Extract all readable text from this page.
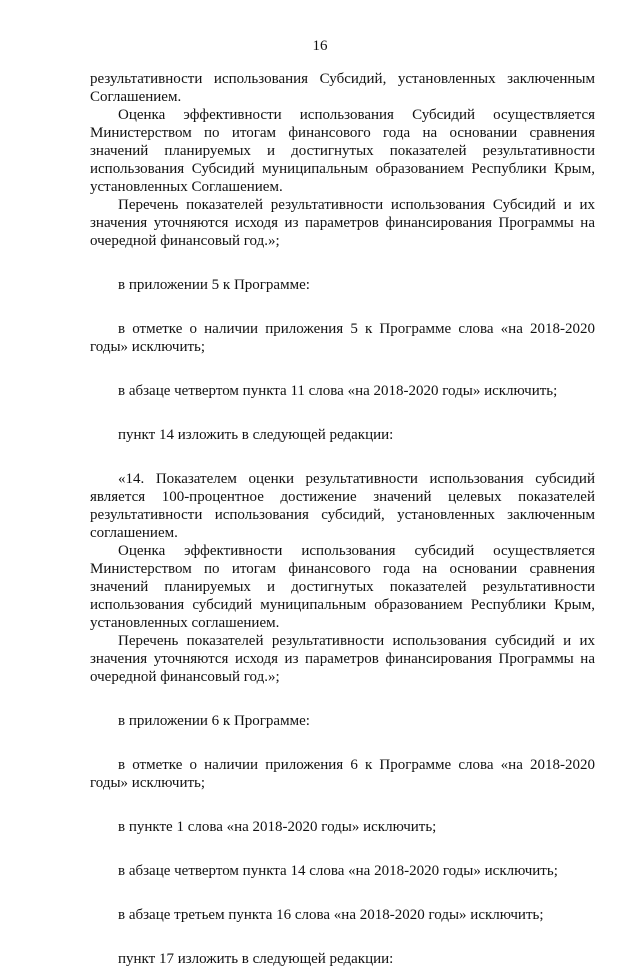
16

результативности использования Субсидий, установленных заключенным Соглашением.

Оценка эффективности использования Субсидий осуществляется Министерством по итогам финансового года на основании сравнения значений планируемых и достигнутых показателей результативности использования Субсидий муниципальным образованием Республики Крым, установленных Соглашением.

Перечень показателей результативности использования Субсидий и их значения уточняются исходя из параметров финансирования Программы на очередной финансовый год.»;

в приложении 5 к Программе:

в отметке о наличии приложения 5 к Программе слова «на 2018-2020 годы» исключить;

в абзаце четвертом пункта 11 слова «на 2018-2020 годы» исключить;

пункт 14 изложить в следующей редакции:

«14. Показателем оценки результативности использования субсидий является 100-процентное достижение значений целевых показателей результативности использования субсидий, установленных заключенным соглашением.

Оценка эффективности использования субсидий осуществляется Министерством по итогам финансового года на основании сравнения значений планируемых и достигнутых показателей результативности использования субсидий муниципальным образованием Республики Крым, установленных соглашением.

Перечень показателей результативности использования субсидий и их значения уточняются исходя из параметров финансирования Программы на очередной финансовый год.»;

в приложении 6 к Программе:

в отметке о наличии приложения 6 к Программе слова «на 2018-2020 годы» исключить;

в пункте 1 слова «на 2018-2020 годы» исключить;

в абзаце четвертом пункта 14 слова «на 2018-2020 годы» исключить;

в абзаце третьем пункта 16 слова «на 2018-2020 годы» исключить;

пункт 17 изложить в следующей редакции:
